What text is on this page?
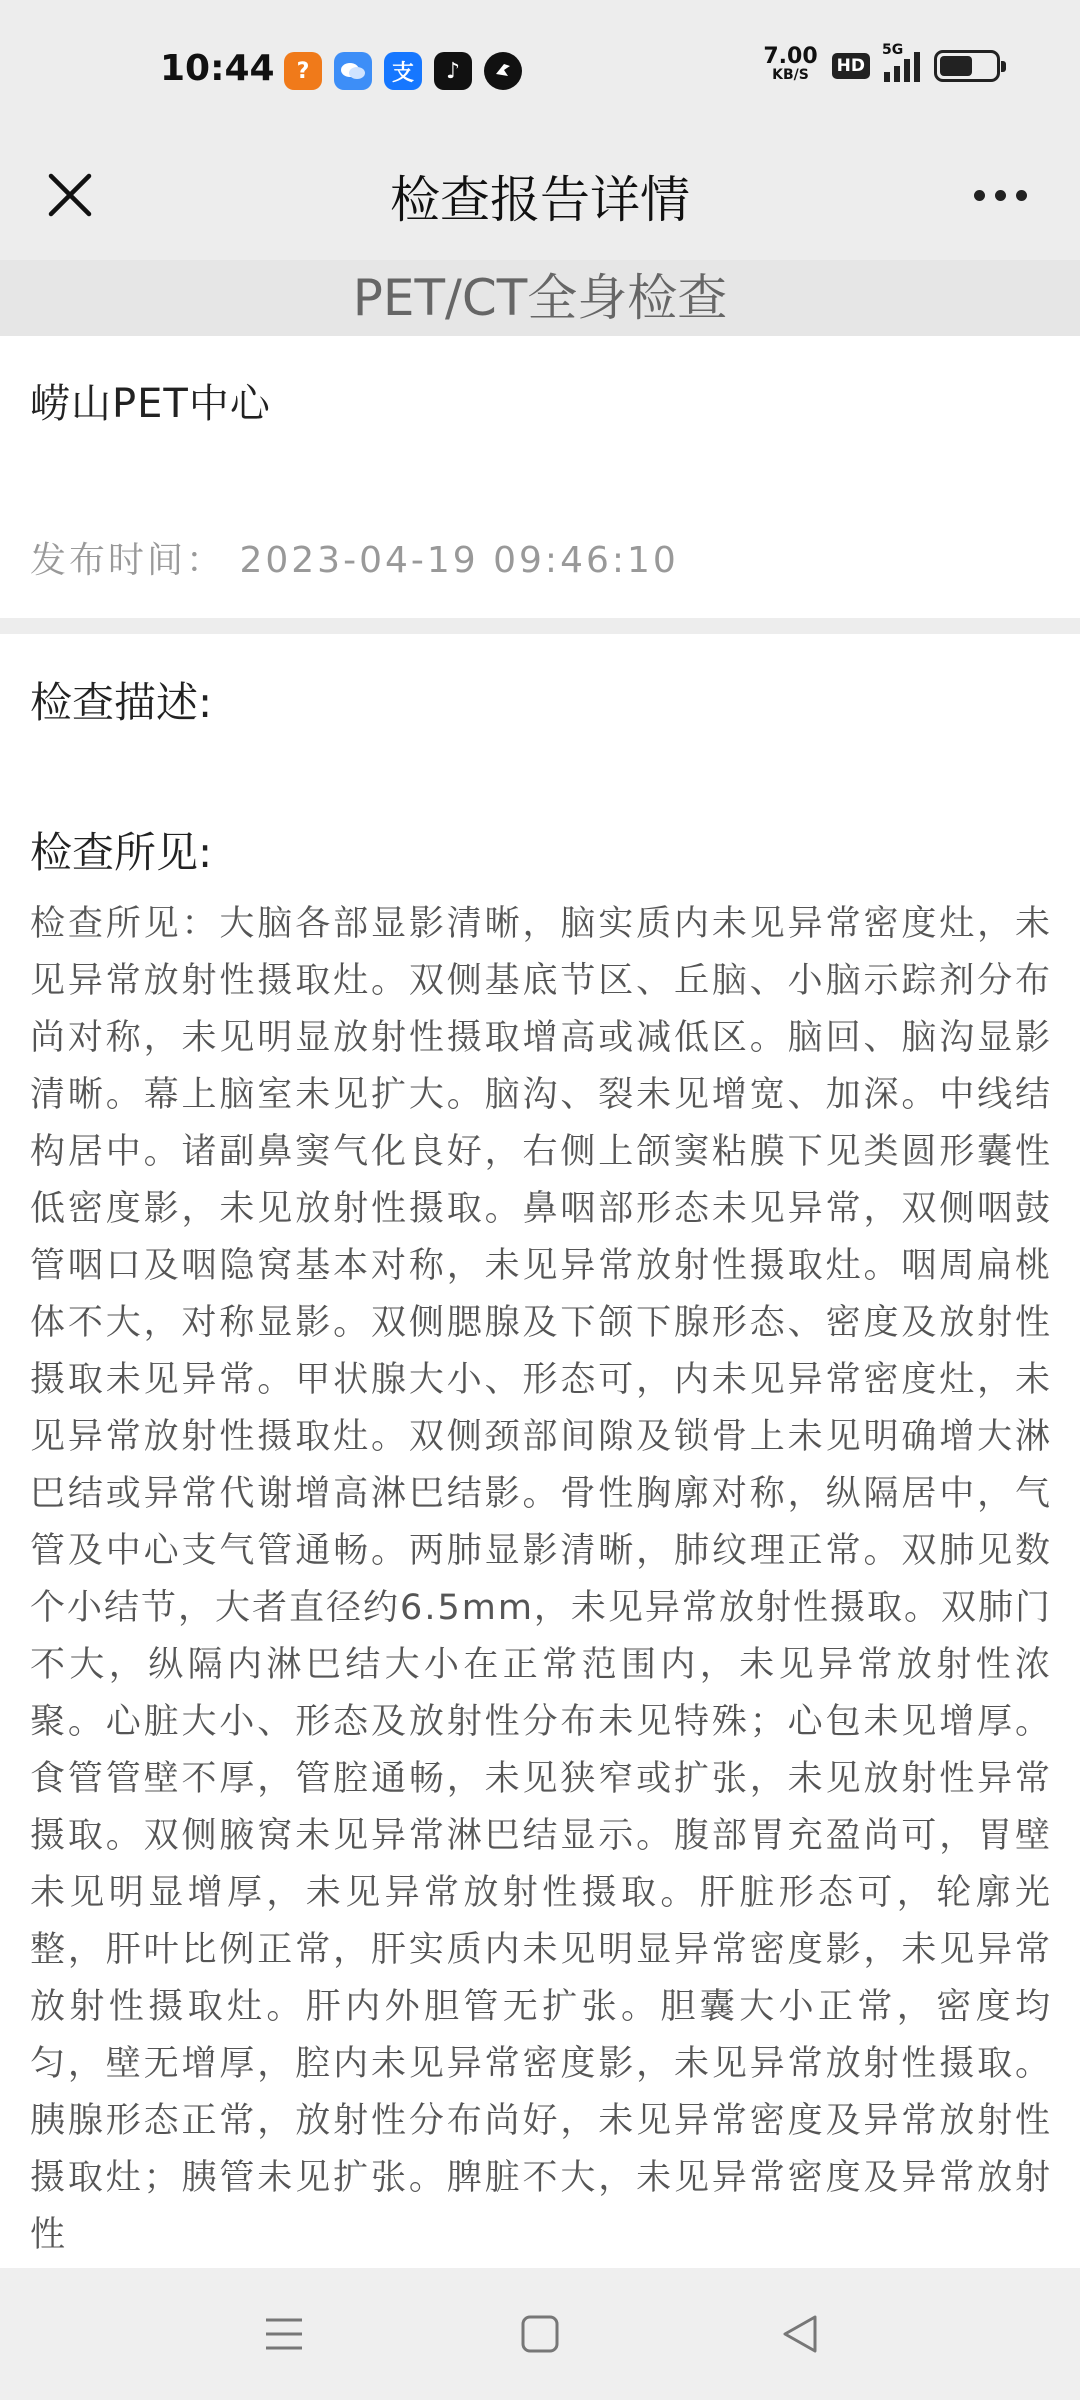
10:44	?	支	♪
7.00
KB/S	HD
5G
检查报告详情
PET/CT全身检查
崂山PET中心
发布时间： 2023-04-19 09:46:10
检查描述:
检查所见:
检查所见：大脑各部显影清晰，脑实质内未见异常密度灶，未见异常放射性摄取灶。双侧基底节区、丘脑、小脑示踪剂分布尚对称，未见明显放射性摄取增高或减低区。脑回、脑沟显影清晰。幕上脑室未见扩大。脑沟、裂未见增宽、加深。中线结构居中。诸副鼻窦气化良好，右侧上颌窦粘膜下见类圆形囊性低密度影，未见放射性摄取。鼻咽部形态未见异常，双侧咽鼓管咽口及咽隐窝基本对称，未见异常放射性摄取灶。咽周扁桃体不大，对称显影。双侧腮腺及下颌下腺形态、密度及放射性摄取未见异常。甲状腺大小、形态可，内未见异常密度灶，未见异常放射性摄取灶。双侧颈部间隙及锁骨上未见明确增大淋巴结或异常代谢增高淋巴结影。骨性胸廓对称，纵隔居中，气管及中心支气管通畅。两肺显影清晰，肺纹理正常。双肺见数个小结节，大者直径约6.5mm，未见异常放射性摄取。双肺门不大，纵隔内淋巴结大小在正常范围内，未见异常放射性浓聚。心脏大小、形态及放射性分布未见特殊；心包未见增厚。食管管壁不厚，管腔通畅，未见狭窄或扩张，未见放射性异常摄取。双侧腋窝未见异常淋巴结显示。腹部胃充盈尚可，胃壁未见明显增厚，未见异常放射性摄取。肝脏形态可，轮廓光整，肝叶比例正常，肝实质内未见明显异常密度影，未见异常放射性摄取灶。肝内外胆管无扩张。胆囊大小正常，密度均匀，壁无增厚，腔内未见异常密度影，未见异常放射性摄取。胰腺形态正常，放射性分布尚好，未见异常密度及异常放射性摄取灶；胰管未见扩张。脾脏不大，未见异常密度及异常放射性
